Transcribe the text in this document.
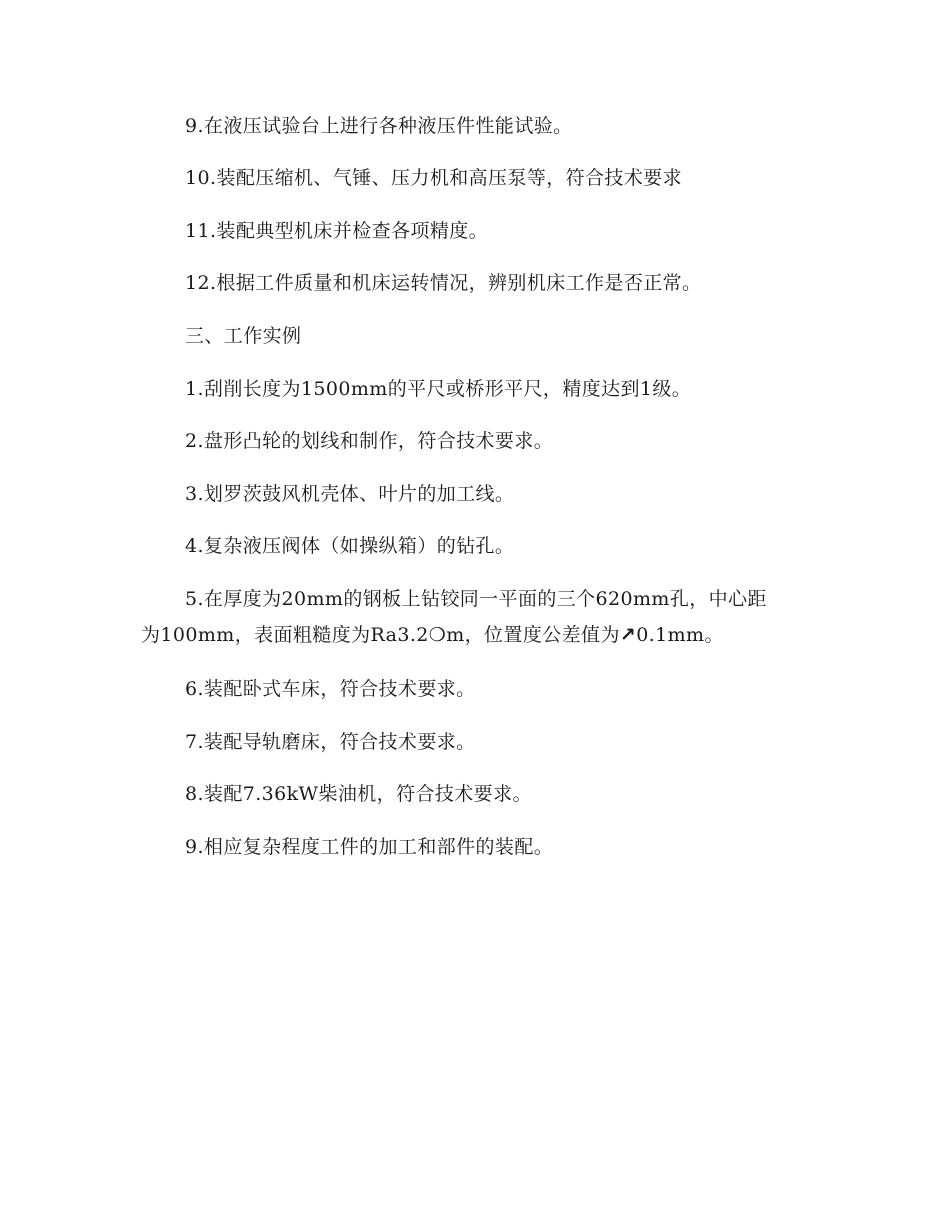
9.在液压试验台上进行各种液压件性能试验。
10.装配压缩机、气锤、压力机和高压泵等，符合技术要求
11.装配典型机床并检查各项精度。
12.根据工件质量和机床运转情况，辨别机床工作是否正常。
三、工作实例
1.刮削长度为1500mm的平尺或桥形平尺，精度达到1级。
2.盘形凸轮的划线和制作，符合技术要求。
3.划罗茨鼓风机壳体、叶片的加工线。
4.复杂液压阀体（如操纵箱）的钻孔。
5.在厚度为20mm的钢板上钻铰同一平面的三个620mm孔，中心距
为100mm，表面粗糙度为Ra3.2❍m，位置度公差值为↗0.1mm。
6.装配卧式车床，符合技术要求。
7.装配导轨磨床，符合技术要求。
8.装配7.36kW柴油机，符合技术要求。
9.相应复杂程度工件的加工和部件的装配。
